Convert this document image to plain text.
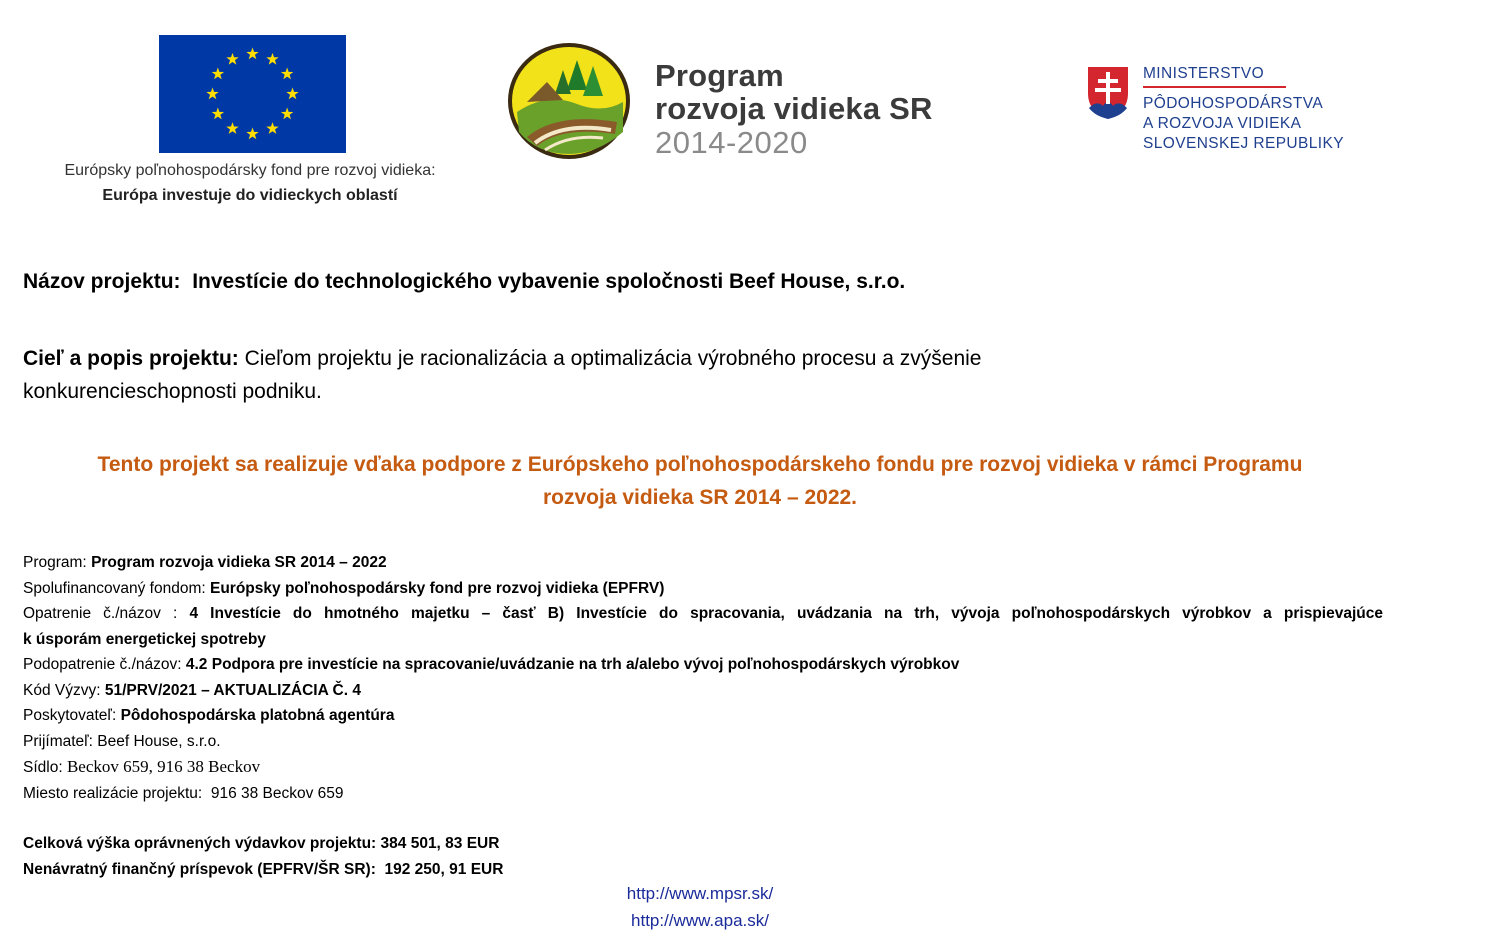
Európsky poľnohospodársky fond pre rozvoj vidieka:
Európa investuje do vidieckych oblastí
Program
rozvoja vidieka SR
2014-2020
MINISTERSTVO
PÔDOHOSPODÁRSTVA
A ROZVOJA VIDIEKA
SLOVENSKEJ REPUBLIKY
Názov projektu: Investície do technologického vybavenie spoločnosti Beef House, s.r.o.
Cieľ a popis projektu: Cieľom projektu je racionalizácia a optimalizácia výrobného procesu a zvýšenie
konkurencieschopnosti podniku.
Tento projekt sa realizuje vďaka podpore z Európskeho poľnohospodárskeho fondu pre rozvoj vidieka v rámci Programu
rozvoja vidieka SR 2014 – 2022.
Program: Program rozvoja vidieka SR 2014 – 2022
Spolufinancovaný fondom: Európsky poľnohospodársky fond pre rozvoj vidieka (EPFRV)
Opatrenie č./názov : 4 Investície do hmotného majetku – časť B) Investície do spracovania, uvádzania na trh, vývoja poľnohospodárskych výrobkov a prispievajúce
k úsporám energetickej spotreby
Podopatrenie č./názov: 4.2 Podpora pre investície na spracovanie/uvádzanie na trh a/alebo vývoj poľnohospodárskych výrobkov
Kód Výzvy: 51/PRV/2021 – AKTUALIZÁCIA Č. 4
Poskytovateľ: Pôdohospodárska platobná agentúra
Prijímateľ: Beef House, s.r.o.
Sídlo: Beckov 659, 916 38 Beckov
Miesto realizácie projektu: 916 38 Beckov 659
Celková výška oprávnených výdavkov projektu: 384 501, 83 EUR
Nenávratný finančný príspevok (EPFRV/ŠR SR): 192 250, 91 EUR
http://www.mpsr.sk/
http://www.apa.sk/
